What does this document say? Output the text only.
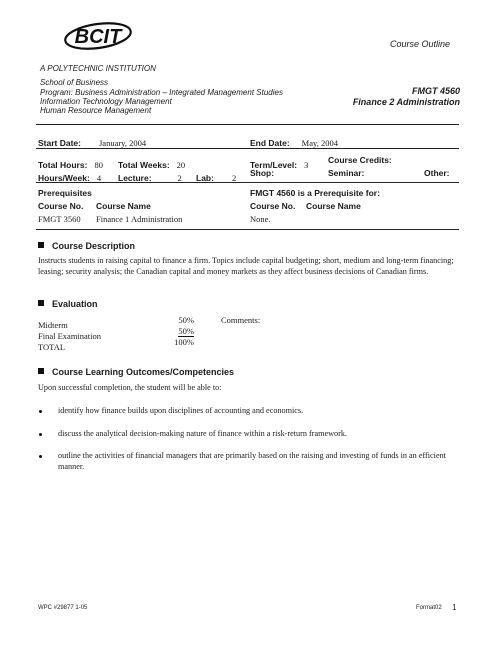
BCIT
A POLYTECHNIC INSTITUTION
Course Outline
School of Business
Program: Business Administration – Integrated Management Studies
Information Technology Management
Human Resource Management
FMGT 4560
Finance 2 Administration
Start Date: January, 2004	End Date: May, 2004
Total Hours: 80 Total Weeks: 20	Term/Level: 3 Course Credits:
Hours/Week: 4 Lecture:	2 Lab: 2 Shop:	Seminar:	Other:
Prerequisites
Course No. Course Name
FMGT 3560 Finance 1 Administration
FMGT 4560 is a Prerequisite for:
Course No. Course Name
None.
Course Description
Instructs students in raising capital to finance a firm. Topics include capital budgeting; short, medium and long-term financing; leasing; security analysis; the Canadian capital and money markets as they affect business decisions of Canadian firms.
Evaluation
Midterm	50%
Final Examination	50%
TOTAL	100%
Comments:
Course Learning Outcomes/Competencies
Upon successful completion, the student will be able to:
identify how finance builds upon disciplines of accounting and economics.
discuss the analytical decision-making nature of finance within a risk-return framework.
outline the activities of financial managers that are primarily based on the raising and investing of funds in an efficient manner.
WPC #29877 1-05	Format02 1
